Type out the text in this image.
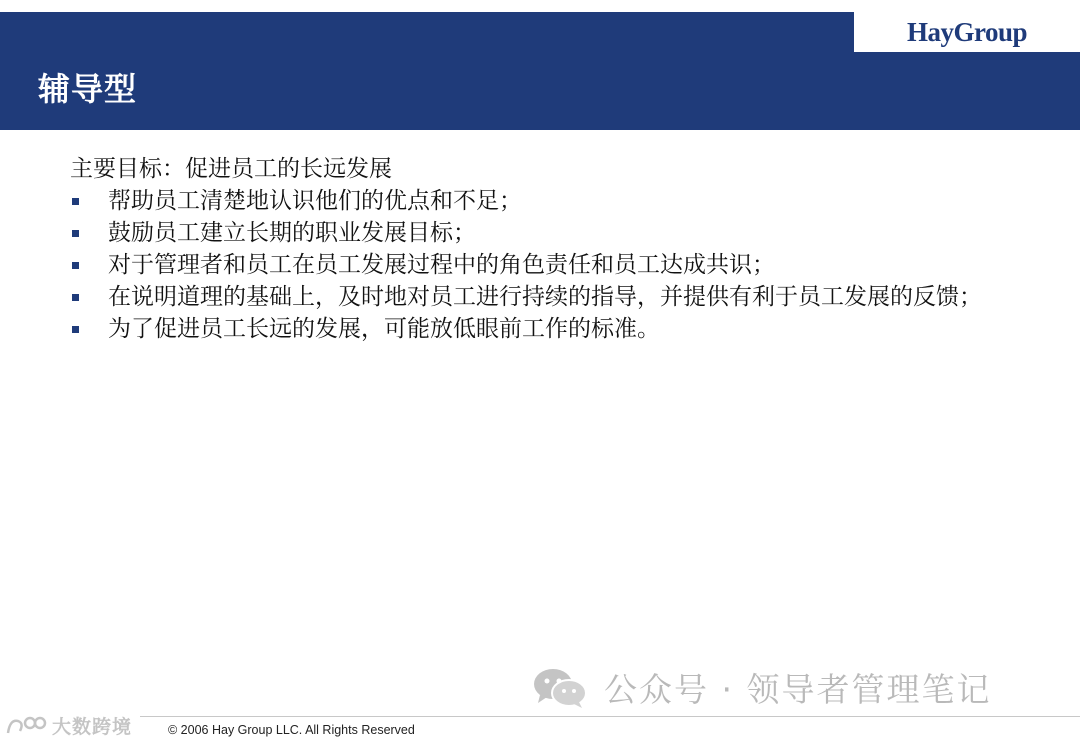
HayGroup
辅导型
主要目标：促进员工的长远发展
帮助员工清楚地认识他们的优点和不足；
鼓励员工建立长期的职业发展目标；
对于管理者和员工在员工发展过程中的角色责任和员工达成共识；
在说明道理的基础上，及时地对员工进行持续的指导，并提供有利于员工发展的反馈；
为了促进员工长远的发展，可能放低眼前工作的标准。
公众号 · 领导者管理笔记
大数跨境	© 2006 Hay Group LLC. All Rights Reserved
